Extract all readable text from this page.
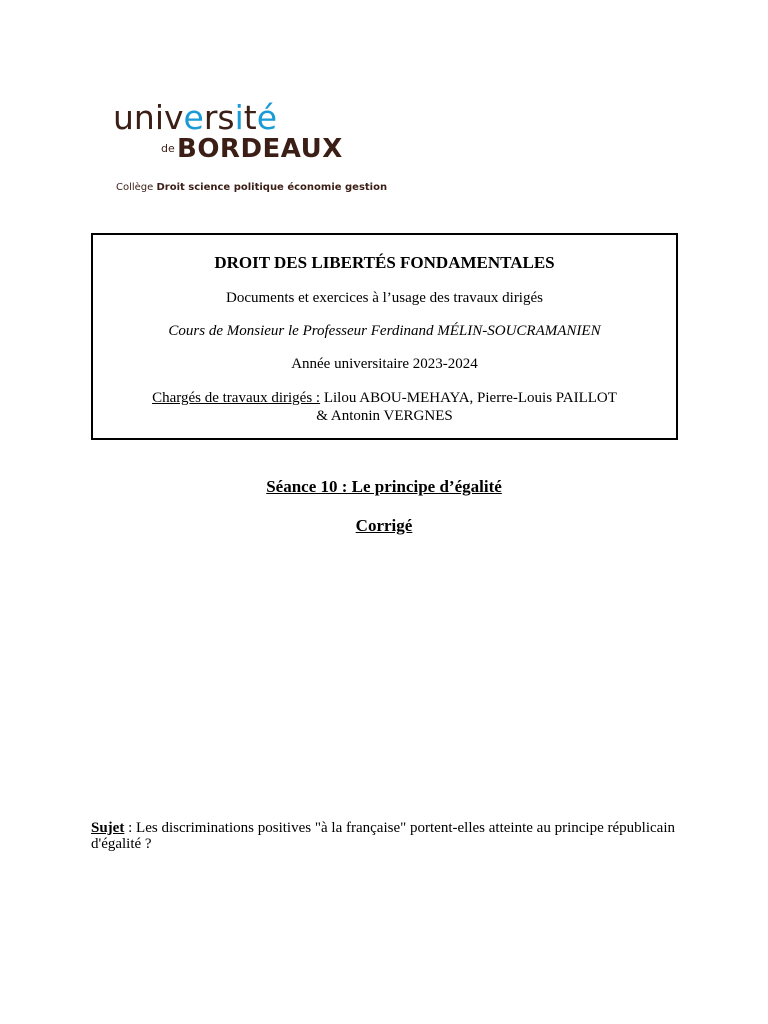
université
de BORDEAUX
Collège Droit science politique économie gestion
DROIT DES LIBERTÉS FONDAMENTALES
Documents et exercices à l’usage des travaux dirigés
Cours de Monsieur le Professeur Ferdinand MÉLIN-SOUCRAMANIEN
Année universitaire 2023-2024
Chargés de travaux dirigés : Lilou ABOU-MEHAYA, Pierre-Louis PAILLOT
& Antonin VERGNES
Séance 10 : Le principe d’égalité
Corrigé
Sujet : Les discriminations positives "à la française" portent-elles atteinte au principe républicain d'égalité ?
